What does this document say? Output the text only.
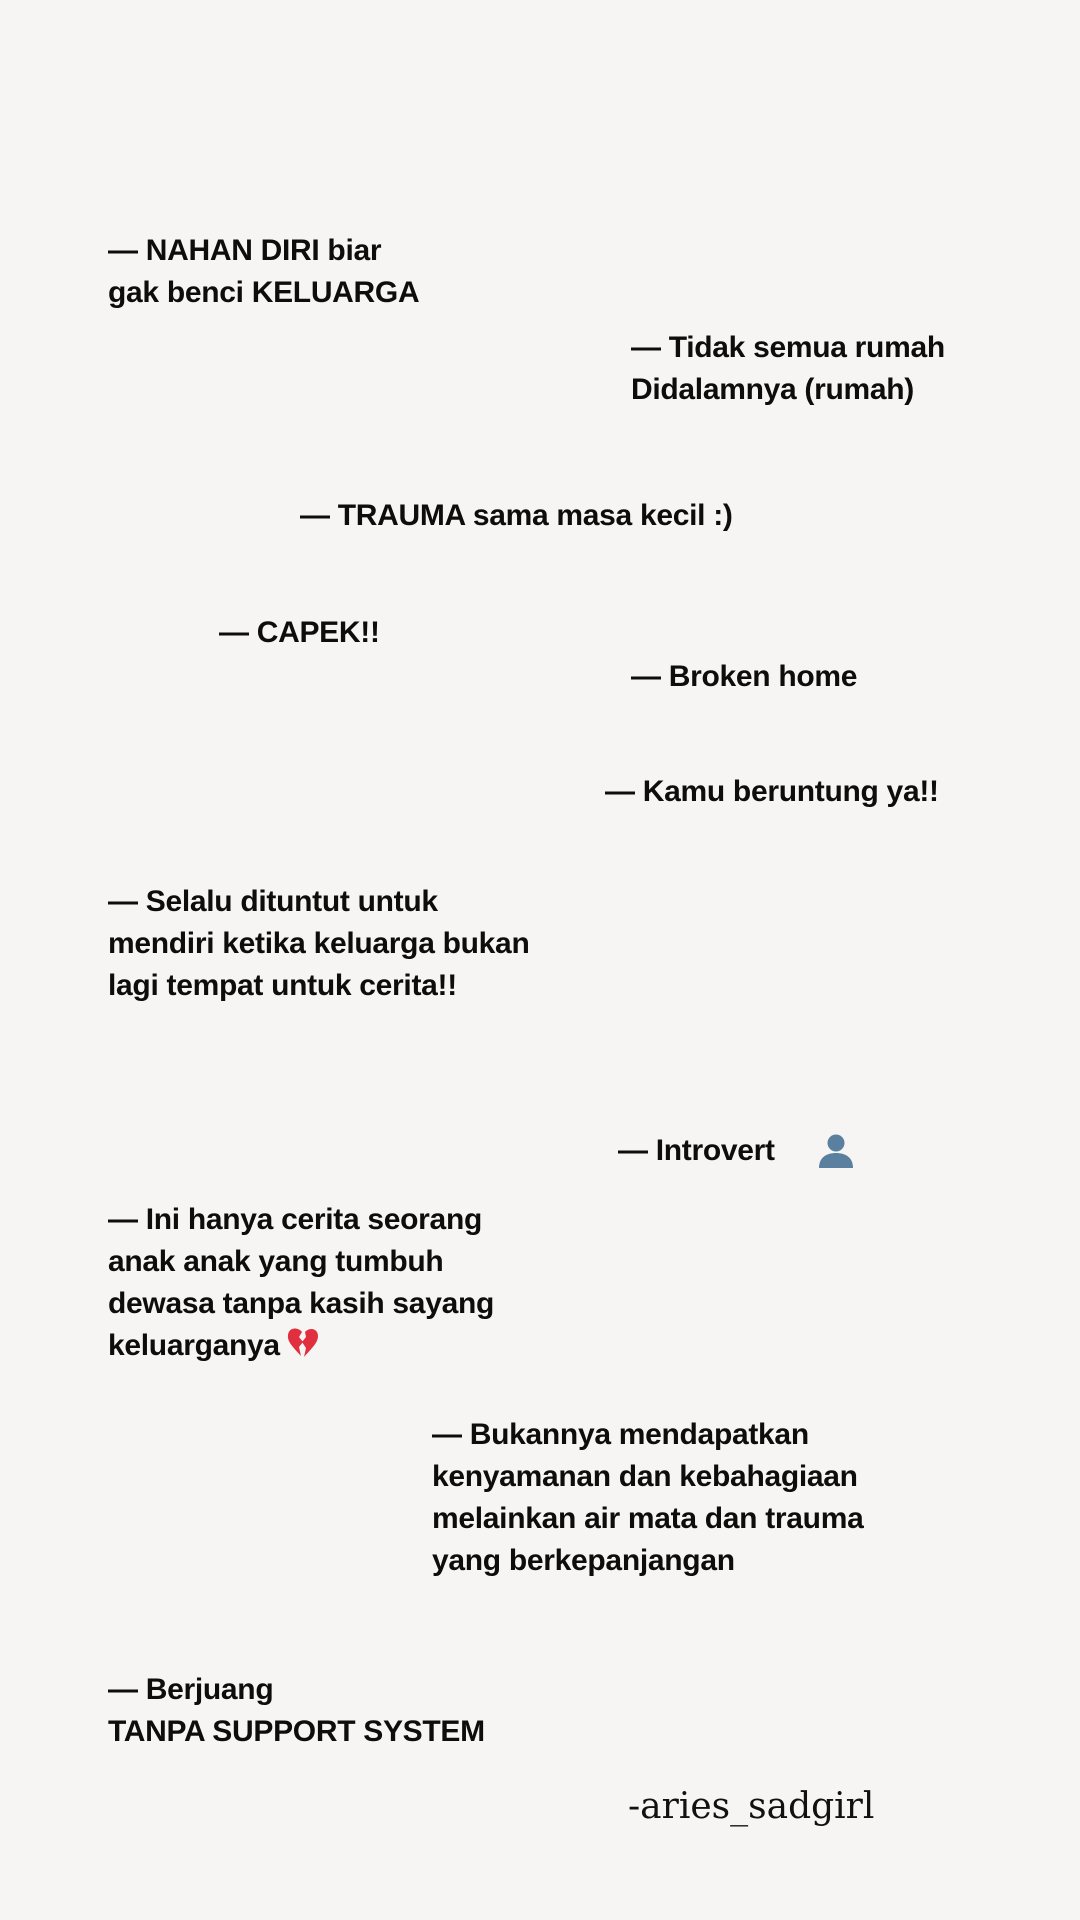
— NAHAN DIRI biar
gak benci KELUARGA

— Tidak semua rumah
Didalamnya (rumah)

— TRAUMA sama masa kecil :)

— CAPEK!!

— Broken home

— Kamu beruntung ya!!

— Selalu dituntut untuk
mendiri ketika keluarga bukan
lagi tempat untuk cerita!!

— Introvert

— Ini hanya cerita seorang
anak anak yang tumbuh
dewasa tanpa kasih sayang
keluarganya

— Bukannya mendapatkan
kenyamanan dan kebahagiaan
melainkan air mata dan trauma
yang berkepanjangan

— Berjuang
TANPA SUPPORT SYSTEM

-aries_sadgirl
